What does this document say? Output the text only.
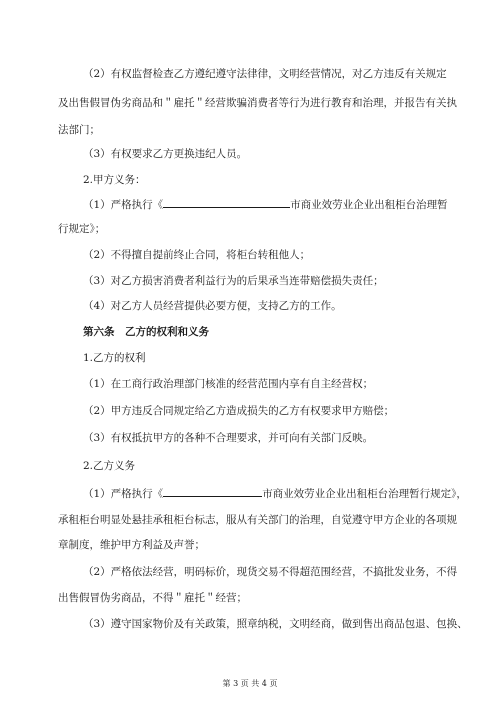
（2）有权监督检查乙方遵纪遵守法律律，文明经营情况，对乙方违反有关规定
及出售假冒伪劣商品和＂雇托＂经营欺骗消费者等行为进行教育和治理，并报告有关执
法部门；
（3）有权要求乙方更换违纪人员。
2.甲方义务：
（1）严格执行《	市商业效劳业企业出租柜台治理暂
行规定》；
（2）不得擅自提前终止合同，将柜台转租他人；
（3）对乙方损害消费者利益行为的后果承当连带赔偿损失责任；
（4）对乙方人员经营提供必要方便，支持乙方的工作。
第六条　乙方的权利和义务
1.乙方的权利
（1）在工商行政治理部门核准的经营范围内享有自主经营权；
（2）甲方违反合同规定给乙方造成损失的乙方有权要求甲方赔偿；
（3）有权抵抗甲方的各种不合理要求，并可向有关部门反映。
2.乙方义务
（1）严格执行《	市商业效劳业企业出租柜台治理暂行规定》，
承租柜台明显处悬挂承租柜台标志，服从有关部门的治理，自觉遵守甲方企业的各项规
章制度，维护甲方利益及声誉；
（2）严格依法经营，明码标价，现货交易不得超范围经营，不搞批发业务，不得
出售假冒伪劣商品，不得＂雇托＂经营；
（3）遵守国家物价及有关政策，照章纳税，文明经商，做到售出商品包退、包换、
第 3 页 共 4 页
